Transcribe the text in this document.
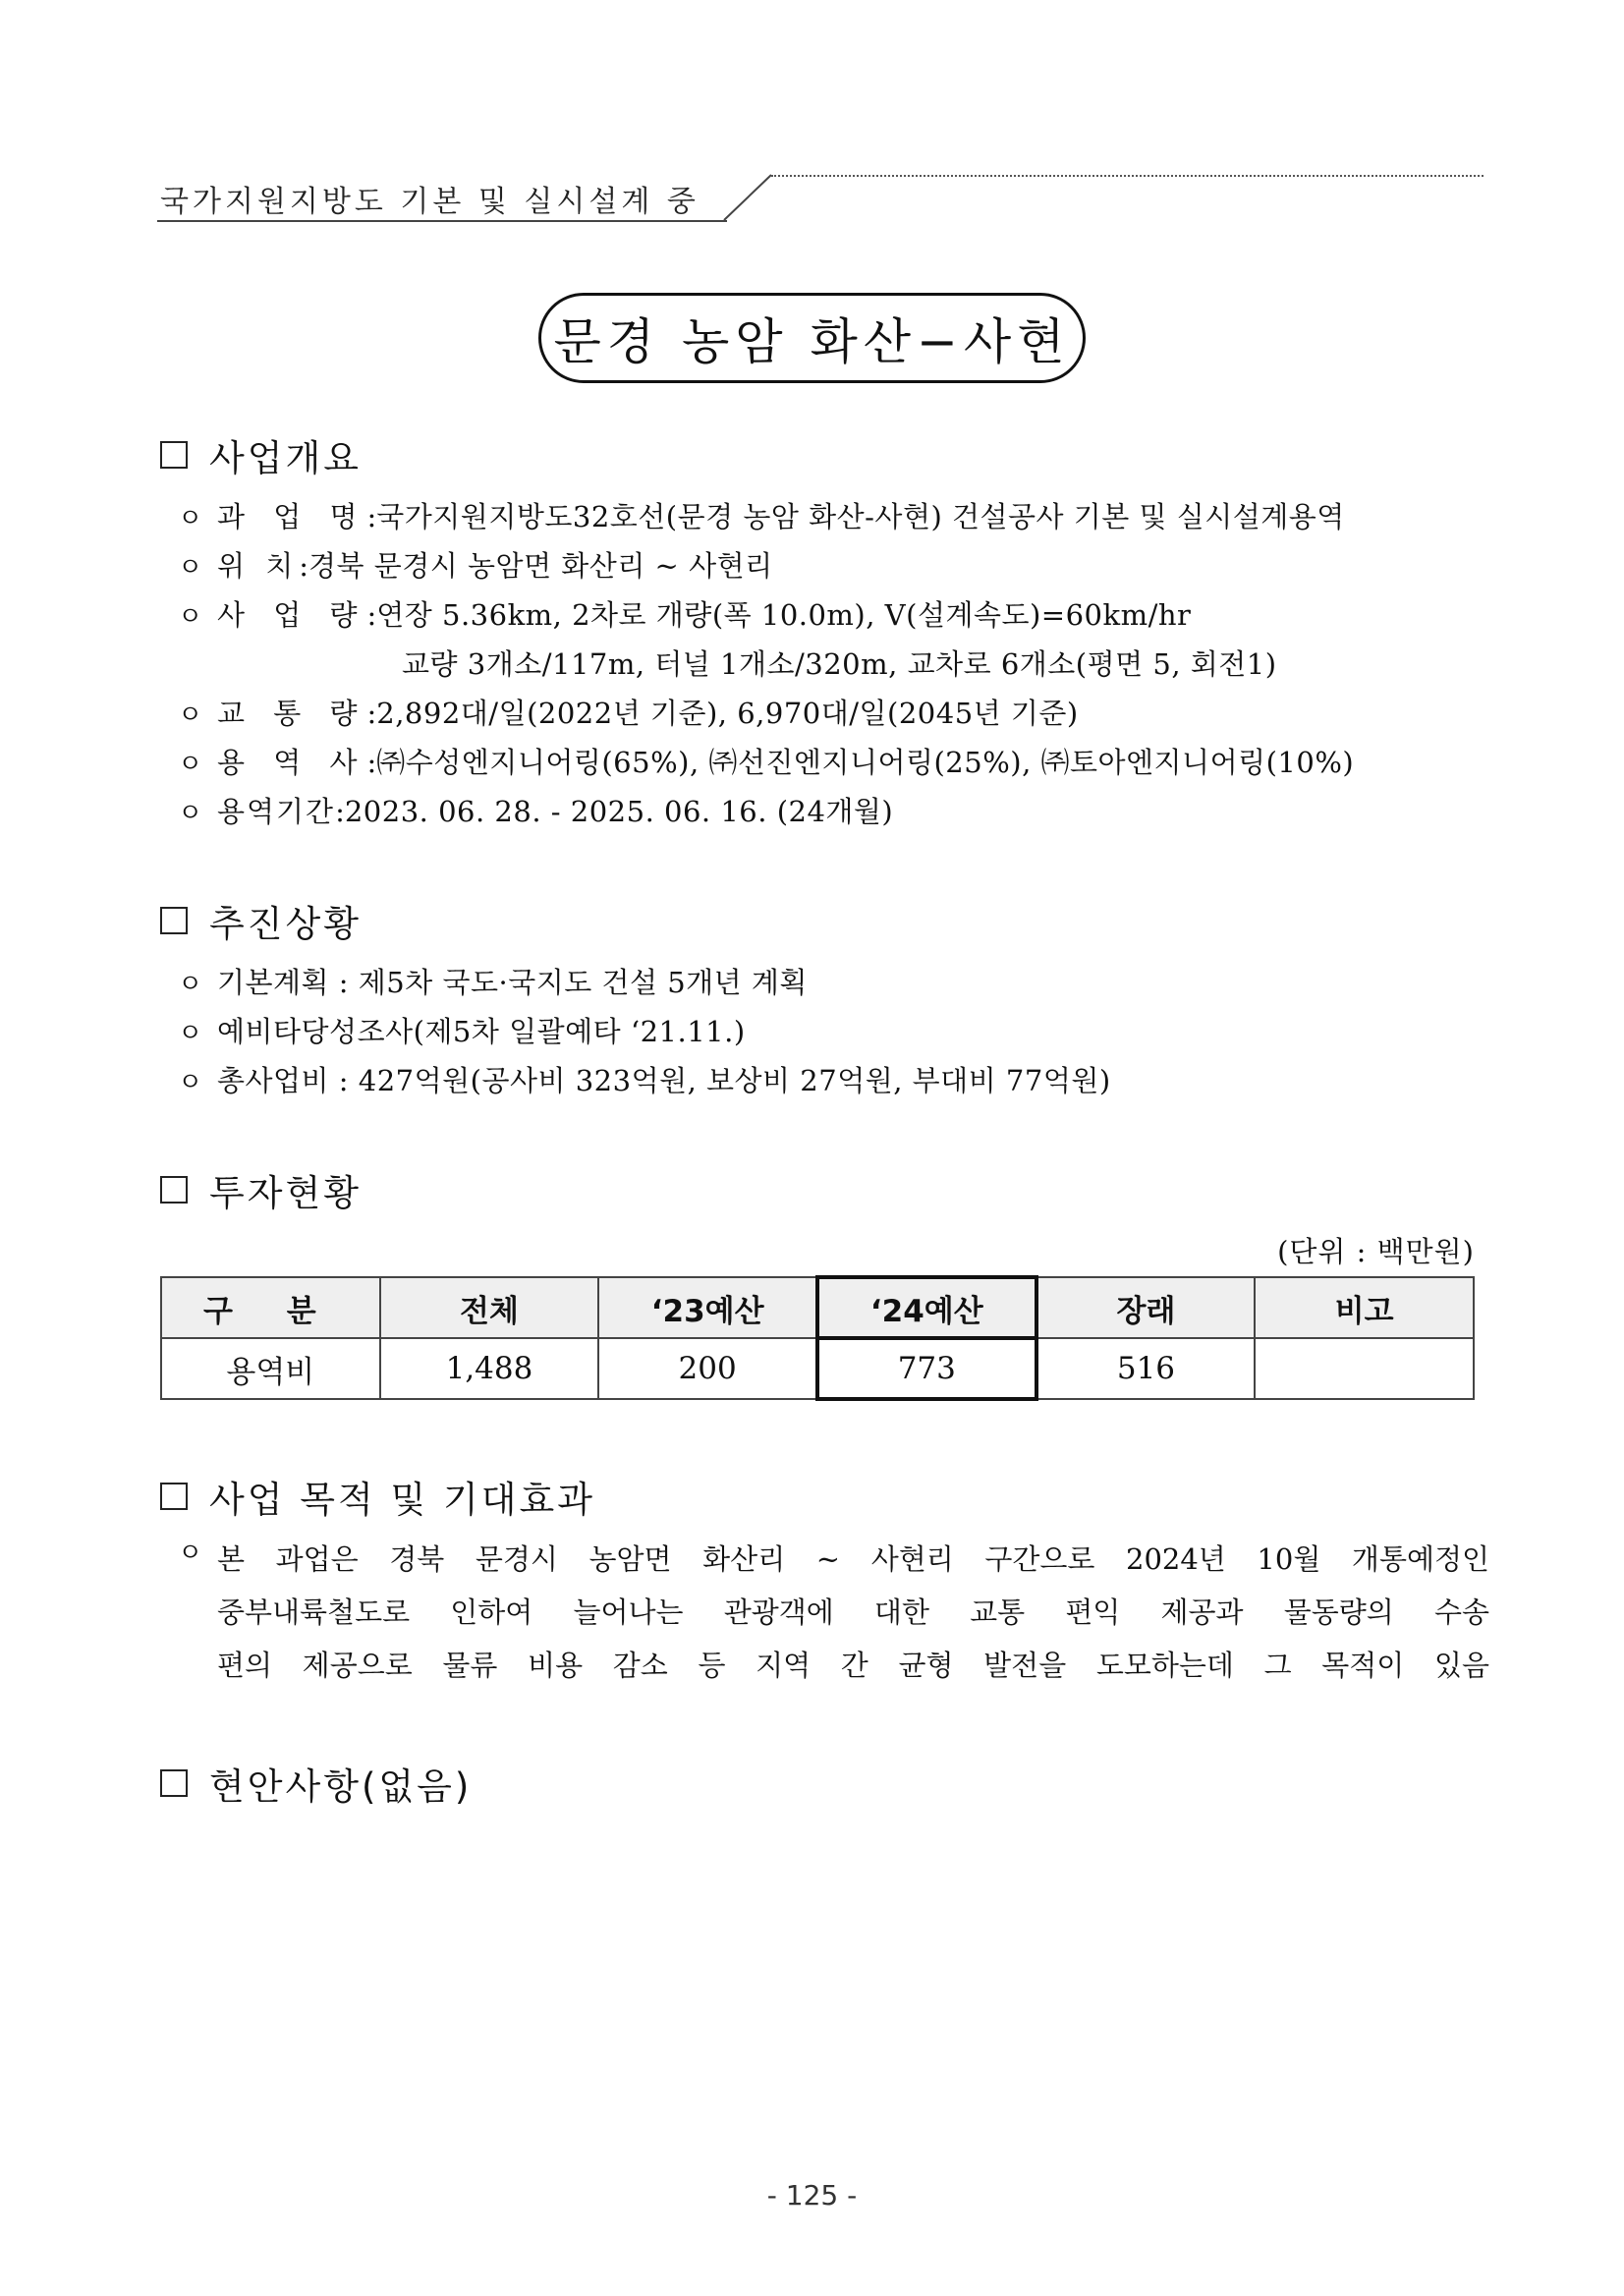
국가지원지방도 기본 및 실시설계 중
문경 농암 화산−사현
사업개요
ㅇ 과 업 명 : 국가지원지방도32호선(문경 농암 화산-사현) 건설공사 기본 및 실시설계용역
ㅇ 위 치 : 경북 문경시 농암면 화산리 ~ 사현리
ㅇ 사 업 량 : 연장 5.36km, 2차로 개량(폭 10.0m), V(설계속도)=60km/hr
교량 3개소/117m, 터널 1개소/320m, 교차로 6개소(평면 5, 회전1)
ㅇ 교 통 량 : 2,892대/일(2022년 기준), 6,970대/일(2045년 기준)
ㅇ 용 역 사 : ㈜수성엔지니어링(65%), ㈜선진엔지니어링(25%), ㈜토아엔지니어링(10%)
ㅇ 용역기간 : 2023. 06. 28. - 2025. 06. 16. (24개월)
추진상황
ㅇ 기본계획 : 제5차 국도·국지도 건설 5개년 계획
ㅇ 예비타당성조사(제5차 일괄예타 ‘21.11.)
ㅇ 총사업비 : 427억원(공사비 323억원, 보상비 27억원, 부대비 77억원)
투자현황
(단위 : 백만원)
구 분	전체	‘23예산	‘24예산	장래	비고
용역비	1,488	200	773	516	
사업 목적 및 기대효과
ㅇ 본 과업은 경북 문경시 농암면 화산리 ~ 사현리 구간으로 2024년 10월 개통예정인
중부내륙철도로 인하여 늘어나는 관광객에 대한 교통 편익 제공과 물동량의 수송
편의 제공으로 물류 비용 감소 등 지역 간 균형 발전을 도모하는데 그 목적이 있음
현안사항(없음)
- 125 -
